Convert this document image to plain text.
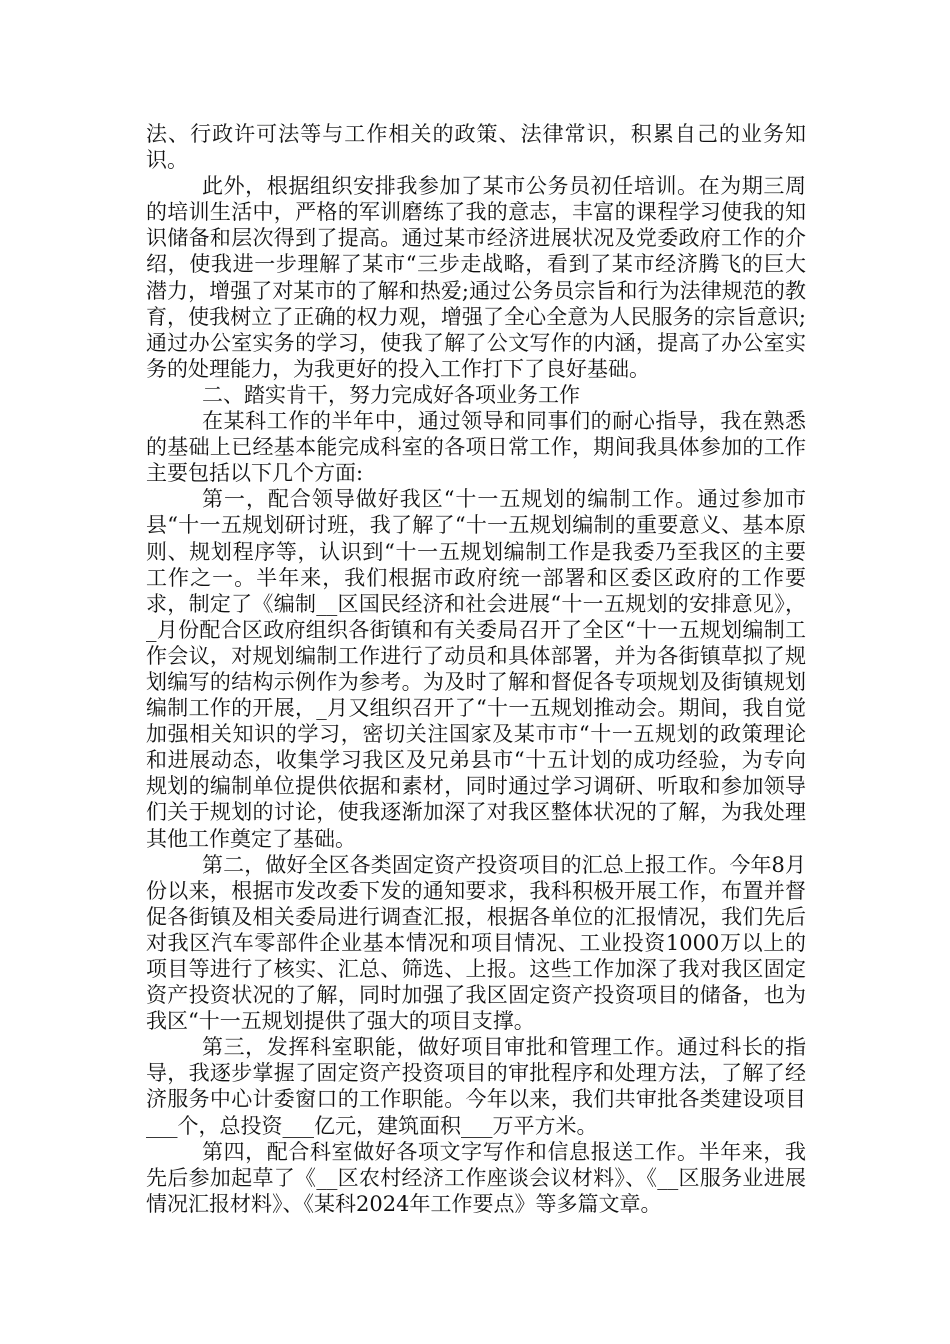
法、行政许可法等与工作相关的政策、法律常识，积累自己的业务知识。

此外，根据组织安排我参加了某市公务员初任培训。在为期三周的培训生活中，严格的军训磨练了我的意志，丰富的课程学习使我的知识储备和层次得到了提高。通过某市经济进展状况及党委政府工作的介绍，使我进一步理解了某市“三步走战略，看到了某市经济腾飞的巨大潜力，增强了对某市的了解和热爱;通过公务员宗旨和行为法律规范的教育，使我树立了正确的权力观，增强了全心全意为人民服务的宗旨意识;通过办公室实务的学习，使我了解了公文写作的内涵，提高了办公室实务的处理能力，为我更好的投入工作打下了良好基础。

二、踏实肯干，努力完成好各项业务工作

在某科工作的半年中，通过领导和同事们的耐心指导，我在熟悉的基础上已经基本能完成科室的各项日常工作，期间我具体参加的工作主要包括以下几个方面:

第一，配合领导做好我区“十一五规划的编制工作。通过参加市县“十一五规划研讨班，我了解了“十一五规划编制的重要意义、基本原则、规划程序等，认识到“十一五规划编制工作是我委乃至我区的主要工作之一。半年来，我们根据市政府统一部署和区委区政府的工作要求，制定了《编制__区国民经济和社会进展“十一五规划的安排意见》， _月份配合区政府组织各街镇和有关委局召开了全区“十一五规划编制工作会议，对规划编制工作进行了动员和具体部署，并为各街镇草拟了规划编写的结构示例作为参考。为及时了解和督促各专项规划及街镇规划编制工作的开展，_月又组织召开了“十一五规划推动会。期间，我自觉加强相关知识的学习，密切关注国家及某市市“十一五规划的政策理论和进展动态，收集学习我区及兄弟县市“十五计划的成功经验，为专向规划的编制单位提供依据和素材，同时通过学习调研、听取和参加领导们关于规划的讨论，使我逐渐加深了对我区整体状况的了解，为我处理其他工作奠定了基础。

第二，做好全区各类固定资产投资项目的汇总上报工作。今年8月份以来，根据市发改委下发的通知要求，我科积极开展工作，布置并督促各街镇及相关委局进行调查汇报，根据各单位的汇报情况，我们先后对我区汽车零部件企业基本情况和项目情况、工业投资1000万以上的项目等进行了核实、汇总、筛选、上报。这些工作加深了我对我区固定资产投资状况的了解，同时加强了我区固定资产投资项目的储备，也为我区“十一五规划提供了强大的项目支撑。

第三，发挥科室职能，做好项目审批和管理工作。通过科长的指导，我逐步掌握了固定资产投资项目的审批程序和处理方法，了解了经济服务中心计委窗口的工作职能。今年以来，我们共审批各类建设项目___个，总投资___亿元，建筑面积___万平方米。

第四，配合科室做好各项文字写作和信息报送工作。半年来，我先后参加起草了《__区农村经济工作座谈会议材料》、《__区服务业进展情况汇报材料》、《某科2024年工作要点》等多篇文章。
